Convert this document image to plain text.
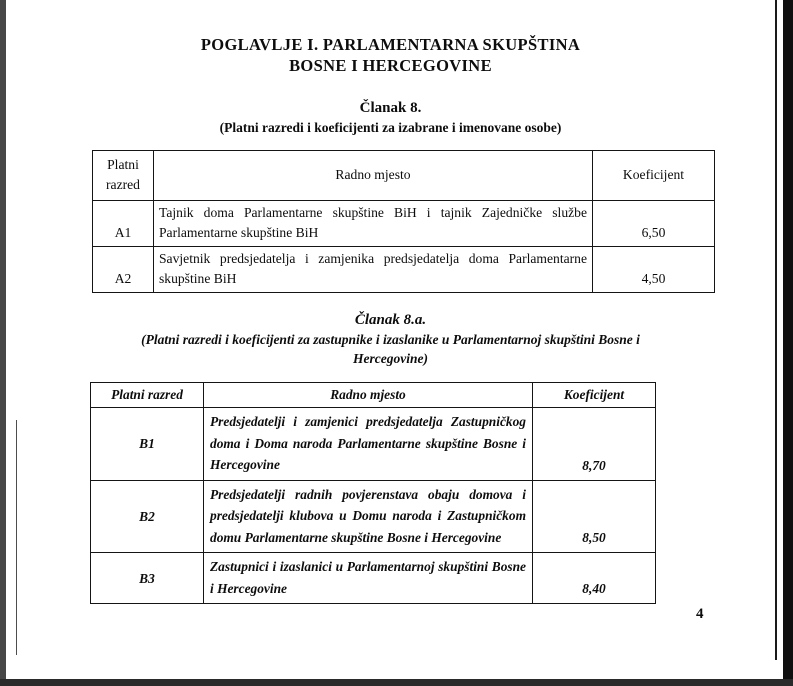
POGLAVLJE I. PARLAMENTARNA SKUPŠTINA
BOSNE I HERCEGOVINE
Članak 8.
(Platni razredi i koeficijenti za izabrane i imenovane osobe)
Platni
razred	Radno mjesto	Koeficijent
A1	Tajnik doma Parlamentarne skupštine BiH i tajnik Zajedničke službe Parlamentarne skupštine BiH	6,50
A2	Savjetnik predsjedatelja i zamjenika predsjedatelja doma Parlamentarne skupštine BiH	4,50
Članak 8.a.
(Platni razredi i koeficijenti za zastupnike i izaslanike u Parlamentarnoj skupštini Bosne i
Hercegovine)
Platni razred	Radno mjesto	Koeficijent
B1	Predsjedatelji i zamjenici predsjedatelja Zastupničkog doma i Doma naroda Parlamentarne skupštine Bosne i Hercegovine	8,70
B2	Predsjedatelji radnih povjerenstava obaju domova i predsjedatelji klubova u Domu naroda i Zastupničkom domu Parlamentarne skupštine Bosne i Hercegovine	8,50
B3	Zastupnici i izaslanici u Parlamentarnoj skupštini Bosne i Hercegovine	8,40
4
